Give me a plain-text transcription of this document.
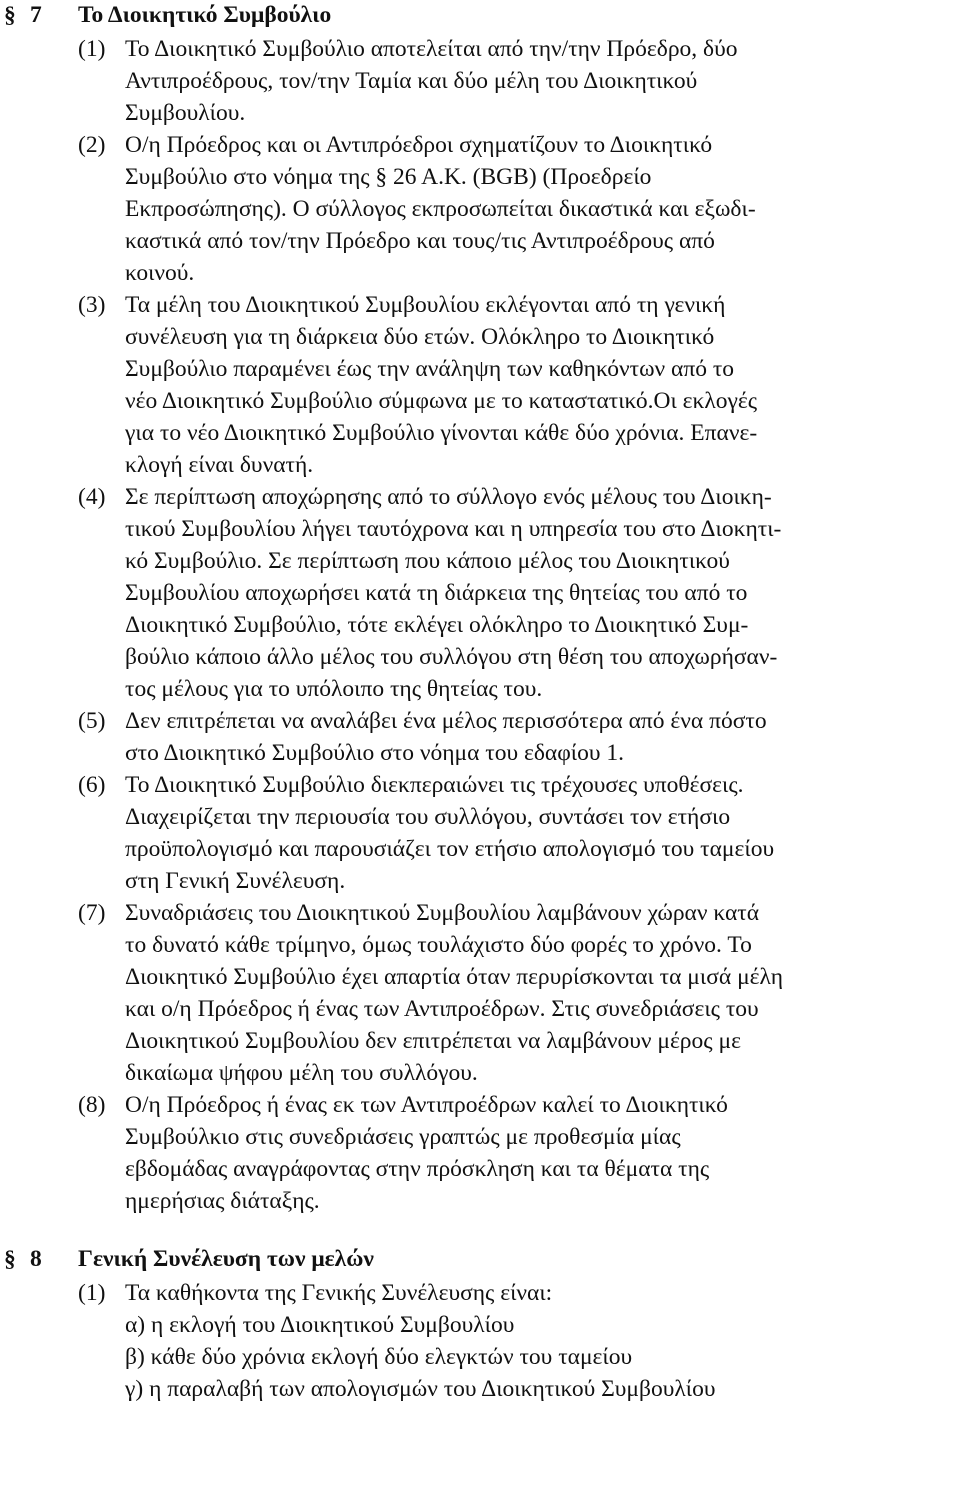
§ 7 Το Διοικητικό Συμβούλιο
(1) Το Διοικητικό Συμβούλιο αποτελείται από την/την Πρόεδρο, δύο
Αντιπροέδρους, τον/την Ταμία και δύο μέλη του Διοικητικού
Συμβουλίου.
(2) Ο/η Πρόεδρος και οι Αντιπρόεδροι σχηματίζουν το Διοικητικό
Συμβούλιο στο νόημα της § 26 Α.Κ. (BGB) (Προεδρείο
Εκπροσώπησης). Ο σύλλογος εκπροσωπείται δικαστικά και εξωδι-
καστικά από τον/την Πρόεδρο και τους/τις Αντιπροέδρους από
κοινού.
(3) Τα μέλη του Διοικητικού Συμβουλίου εκλέγονται από τη γενική
συνέλευση για τη διάρκεια δύο ετών. Ολόκληρο το Διοικητικό
Συμβούλιο παραμένει έως την ανάληψη των καθηκόντων από το
νέο Διοικητικό Συμβούλιο σύμφωνα με το καταστατικό.Οι εκλογές
για το νέο Διοικητικό Συμβούλιο γίνονται κάθε δύο χρόνια. Επανε-
κλογή είναι δυνατή.
(4) Σε περίπτωση αποχώρησης από το σύλλογο ενός μέλους του Διοικη-
τικού Συμβουλίου λήγει ταυτόχρονα και η υπηρεσία του στο Διοκητι-
κό Συμβούλιο. Σε περίπτωση που κάποιο μέλος του Διοικητικού
Συμβουλίου αποχωρήσει κατά τη διάρκεια της θητείας του από το
Διοικητικό Συμβούλιο, τότε εκλέγει ολόκληρο το Διοικητικό Συμ-
βούλιο κάποιο άλλο μέλος του συλλόγου στη θέση του αποχωρήσαν-
τος μέλους για το υπόλοιπο της θητείας του.
(5) Δεν επιτρέπεται να αναλάβει ένα μέλος περισσότερα από ένα πόστο
στο Διοικητικό Συμβούλιο στο νόημα του εδαφίου 1.
(6) Το Διοικητικό Συμβούλιο διεκπεραιώνει τις τρέχουσες υποθέσεις.
Διαχειρίζεται την περιουσία του συλλόγου, συντάσει τον ετήσιο
προϋπολογισμό και παρουσιάζει τον ετήσιο απολογισμό του ταμείου
στη Γενική Συνέλευση.
(7) Συναδριάσεις του Διοικητικού Συμβουλίου λαμβάνουν χώραν κατά
το δυνατό κάθε τρίμηνο, όμως τουλάχιστο δύο φορές το χρόνο. Το
Διοικητικό Συμβούλιο έχει απαρτία όταν περυρίσκονται τα μισά μέλη
και ο/η Πρόεδρος ή ένας των Αντιπροέδρων. Στις συνεδριάσεις του
Διοικητικού Συμβουλίου δεν επιτρέπεται να λαμβάνουν μέρος με
δικαίωμα ψήφου μέλη του συλλόγου.
(8) Ο/η Πρόεδρος ή ένας εκ των Αντιπροέδρων καλεί το Διοικητικό
Συμβούλκιο στις συνεδριάσεις γραπτώς με προθεσμία μίας
εβδομάδας αναγράφοντας στην πρόσκληση και τα θέματα της
ημερήσιας διάταξης.
§ 8 Γενική Συνέλευση των μελών
(1) Τα καθήκοντα της Γενικής Συνέλευσης είναι:
α) η εκλογή του Διοικητικού Συμβουλίου
β) κάθε δύο χρόνια εκλογή δύο ελεγκτών του ταμείου
γ) η παραλαβή των απολογισμών του Διοικητικού Συμβουλίου
